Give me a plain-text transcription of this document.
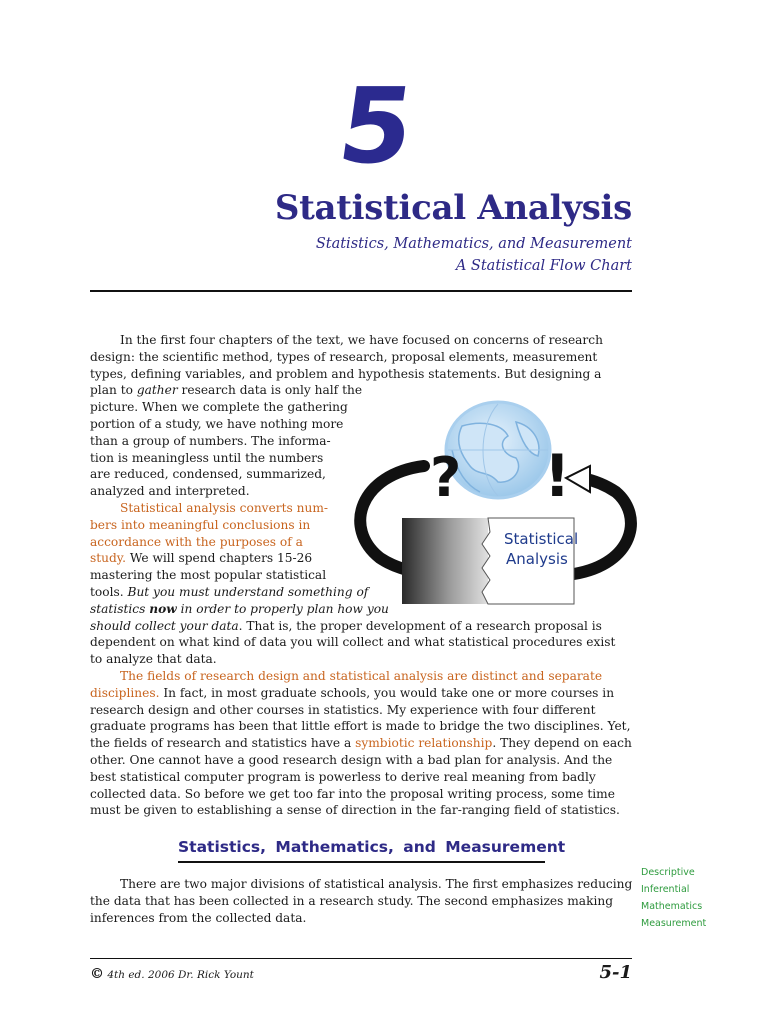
5
Statistical Analysis
Statistics, Mathematics, and Measurement
A Statistical Flow Chart

In the first four chapters of the text, we have focused on concerns of research
design: the scientific method, types of research, proposal elements, measurement
types, defining variables, and problem and hypothesis statements. But designing a
plan to gather research data is only half the
picture. When we complete the gathering
portion of a study, we have nothing more
than a group of numbers. The informa-
tion is meaningless until the numbers
are reduced, condensed, summarized,
analyzed and interpreted.

Statistical analysis converts num-
bers into meaningful conclusions in
accordance with the purposes of a
study. We will spend chapters 15-26
mastering the most popular statistical
tools. But you must understand something of
statistics now in order to properly plan how you
should collect your data. That is, the proper development of a research proposal is
dependent on what kind of data you will collect and what statistical procedures exist
to analyze that data.

The fields of research design and statistical analysis are distinct and separate
disciplines. In fact, in most graduate schools, you would take one or more courses in
research design and other courses in statistics. My experience with four different
graduate programs has been that little effort is made to bridge the two disciplines. Yet,
the fields of research and statistics have a symbiotic relationship. They depend on each
other. One cannot have a good research design with a bad plan for analysis. And the
best statistical computer program is powerless to derive real meaning from badly
collected data. So before we get too far into the proposal writing process, some time
must be given to establishing a sense of direction in the far-ranging field of statistics.

? !
Statistical
Analysis
Statistics, Mathematics, and Measurement
There are two major divisions of statistical analysis. The first emphasizes reducing
the data that has been collected in a research study. The second emphasizes making
inferences from the collected data.
Descriptive
Inferential
Mathematics
Measurement
© 4th ed. 2006 Dr. Rick Yount	5-1
